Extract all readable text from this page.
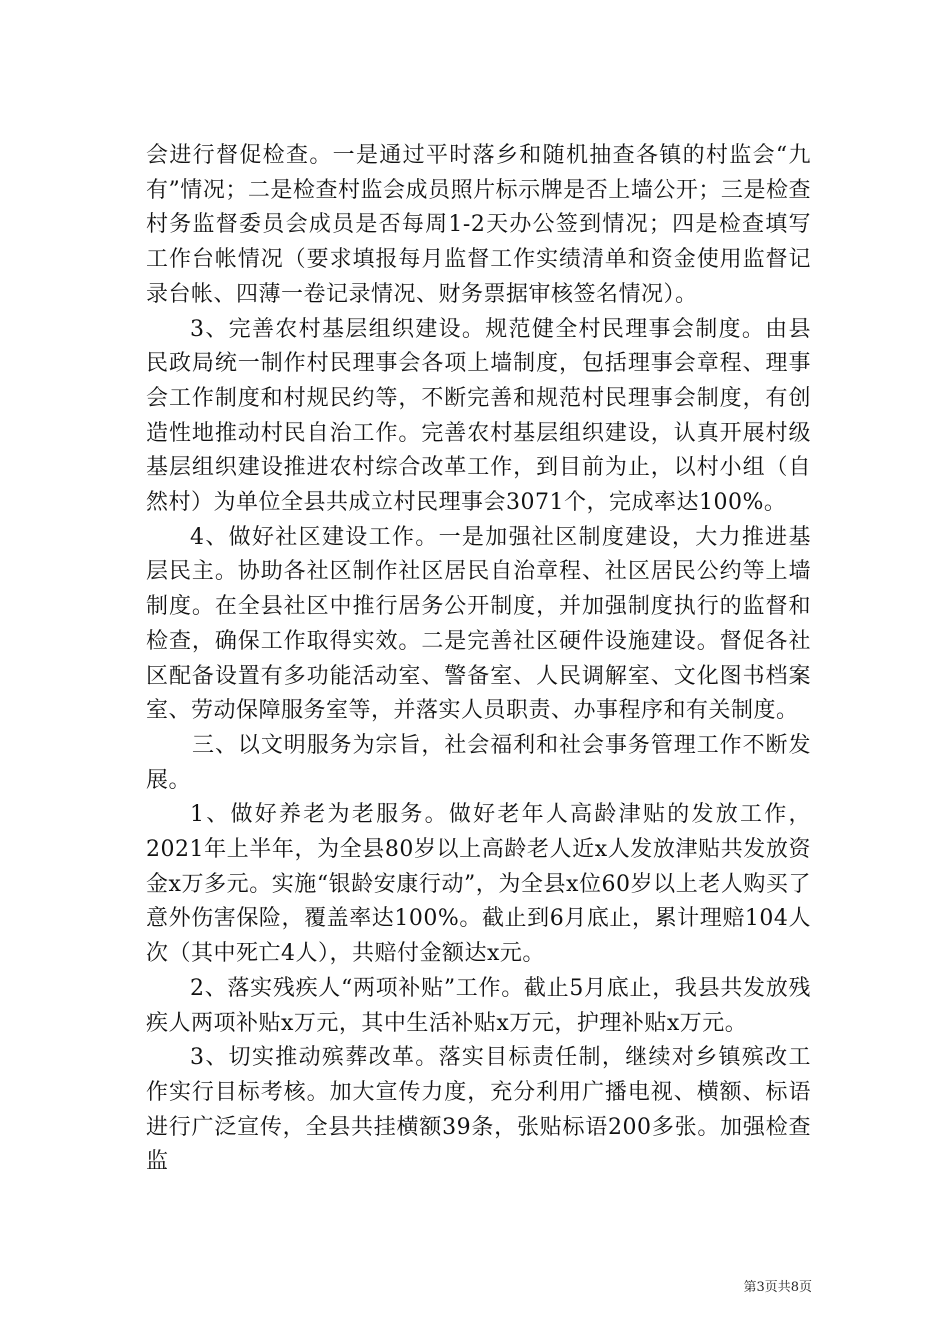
会进行督促检查。一是通过平时落乡和随机抽查各镇的村监会“九有”情况；二是检查村监会成员照片标示牌是否上墙公开；三是检查村务监督委员会成员是否每周1-2天办公签到情况；四是检查填写工作台帐情况（要求填报每月监督工作实绩清单和资金使用监督记录台帐、四薄一卷记录情况、财务票据审核签名情况）。

3、完善农村基层组织建设。规范健全村民理事会制度。由县民政局统一制作村民理事会各项上墙制度，包括理事会章程、理事会工作制度和村规民约等，不断完善和规范村民理事会制度，有创造性地推动村民自治工作。完善农村基层组织建设，认真开展村级基层组织建设推进农村综合改革工作，到目前为止，以村小组（自然村）为单位全县共成立村民理事会3071个，完成率达100%。

4、做好社区建设工作。一是加强社区制度建设，大力推进基层民主。协助各社区制作社区居民自治章程、社区居民公约等上墙制度。在全县社区中推行居务公开制度，并加强制度执行的监督和检查，确保工作取得实效。二是完善社区硬件设施建设。督促各社区配备设置有多功能活动室、警备室、人民调解室、文化图书档案室、劳动保障服务室等，并落实人员职责、办事程序和有关制度。

三、以文明服务为宗旨，社会福利和社会事务管理工作不断发展。

1、做好养老为老服务。做好老年人高龄津贴的发放工作，2021年上半年，为全县80岁以上高龄老人近x人发放津贴共发放资金x万多元。实施“银龄安康行动”，为全县x位60岁以上老人购买了意外伤害保险，覆盖率达100%。截止到6月底止，累计理赔104人次（其中死亡4人），共赔付金额达x元。

2、落实残疾人“两项补贴”工作。截止5月底止，我县共发放残疾人两项补贴x万元，其中生活补贴x万元，护理补贴x万元。

3、切实推动殡葬改革。落实目标责任制，继续对乡镇殡改工作实行目标考核。加大宣传力度，充分利用广播电视、横额、标语进行广泛宣传，全县共挂横额39条，张贴标语200多张。加强检查监

第3页共8页
